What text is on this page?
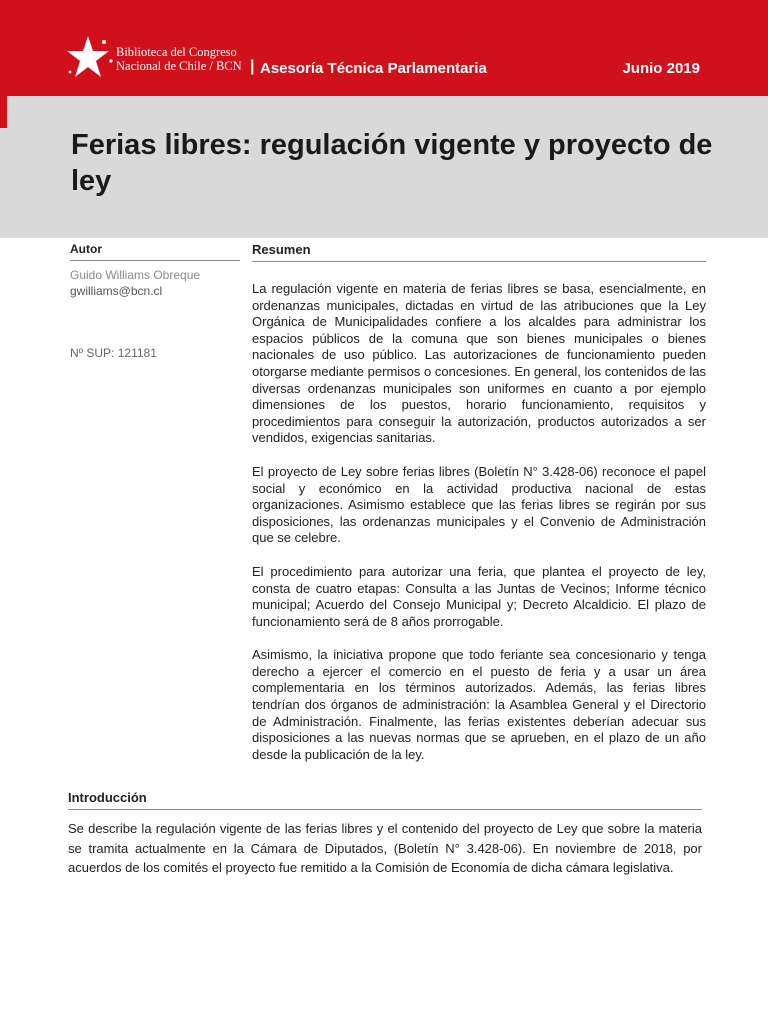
Biblioteca del Congreso
Nacional de Chile / BCN | Asesoría Técnica Parlamentaria	Junio 2019
Ferias libres: regulación vigente y proyecto de ley
Autor
Guido Williams Obreque
gwilliams@bcn.cl
Nº SUP: 121181
Resumen

La regulación vigente en materia de ferias libres se basa, esencialmente, en ordenanzas municipales, dictadas en virtud de las atribuciones que la Ley Orgánica de Municipalidades confiere a los alcaldes para administrar los espacios públicos de la comuna que son bienes municipales o bienes nacionales de uso público. Las autorizaciones de funcionamiento pueden otorgarse mediante permisos o concesiones. En general, los contenidos de las diversas ordenanzas municipales son uniformes en cuanto a por ejemplo dimensiones de los puestos, horario funcionamiento, requisitos y procedimientos para conseguir la autorización, productos autorizados a ser vendidos, exigencias sanitarias.

El proyecto de Ley sobre ferias libres (Boletín N° 3.428-06) reconoce el papel social y económico en la actividad productiva nacional de estas organizaciones. Asimismo establece que las ferias libres se regirán por sus disposiciones, las ordenanzas municipales y el Convenio de Administración que se celebre.

El procedimiento para autorizar una feria, que plantea el proyecto de ley, consta de cuatro etapas: Consulta a las Juntas de Vecinos; Informe técnico municipal; Acuerdo del Consejo Municipal y; Decreto Alcaldicio. El plazo de funcionamiento será de 8 años prorrogable.

Asimismo, la iniciativa propone que todo feriante sea concesionario y tenga derecho a ejercer el comercio en el puesto de feria y a usar un área complementaria en los términos autorizados. Además, las ferias libres tendrían dos órganos de administración: la Asamblea General y el Directorio de Administración. Finalmente, las ferias existentes deberían adecuar sus disposiciones a las nuevas normas que se aprueben, en el plazo de un año desde la publicación de la ley.

Introducción

Se describe la regulación vigente de las ferias libres y el contenido del proyecto de Ley que sobre la materia se tramita actualmente en la Cámara de Diputados, (Boletín N° 3.428-06). En noviembre de 2018, por acuerdos de los comités el proyecto fue remitido a la Comisión de Economía de dicha cámara legislativa.
